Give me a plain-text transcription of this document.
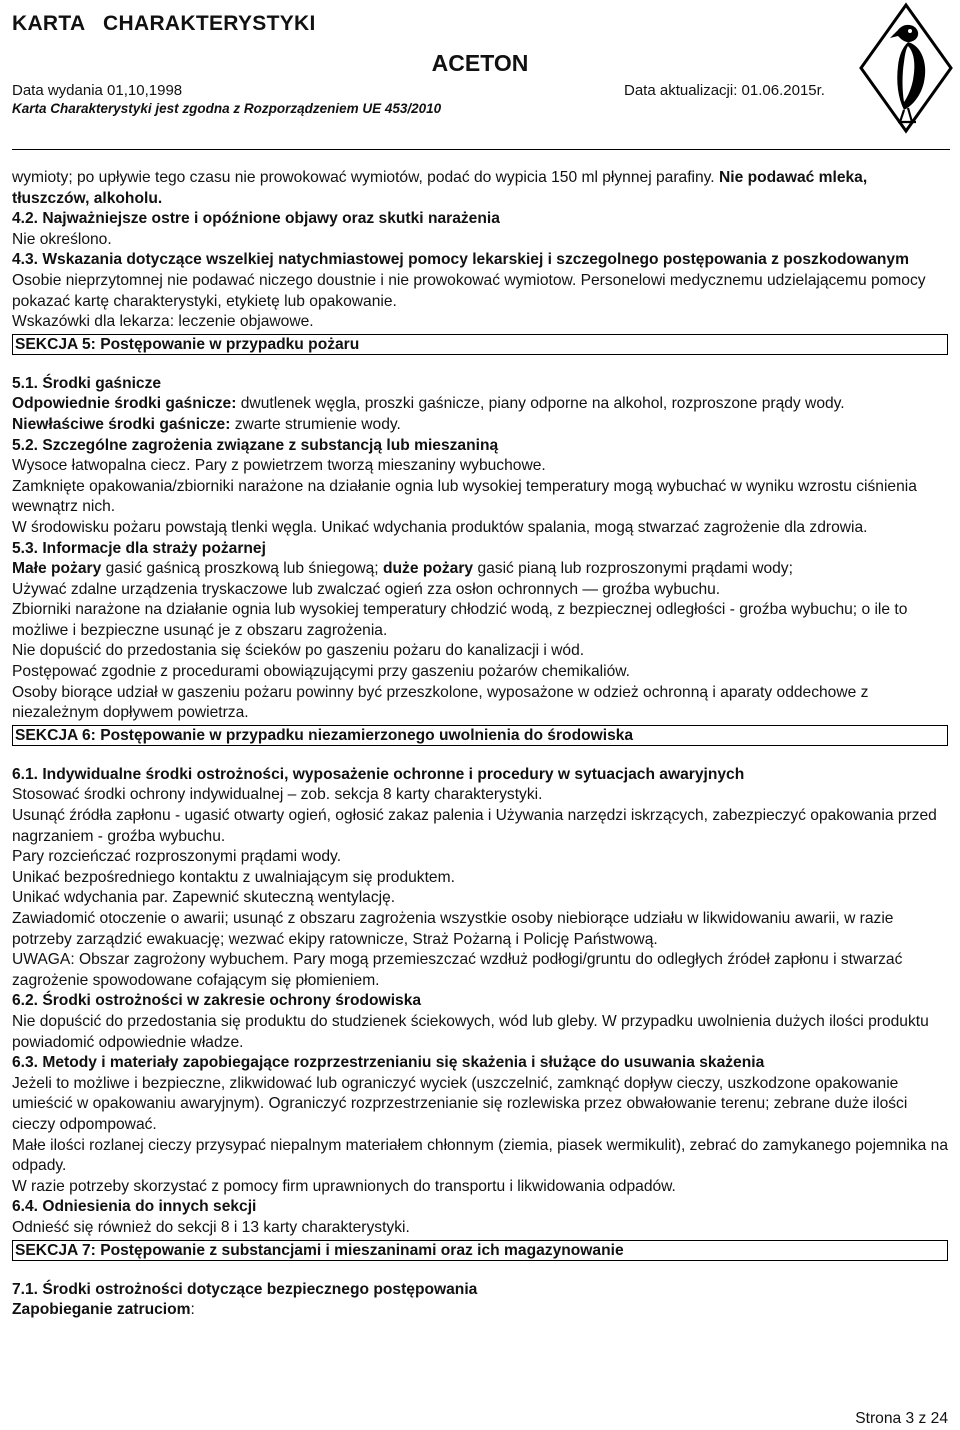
KARTA   CHARAKTERYSTYKI
ACETON
Data wydania 01,10,1998	Data aktualizacji: 01.06.2015r.
Karta Charakterystyki jest zgodna z Rozporządzeniem UE 453/2010

wymioty; po upływie tego czasu nie prowokować wymiotów, podać do wypicia 150 ml płynnej parafiny. Nie podawać mleka, tłuszczów, alkoholu.

4.2. Najważniejsze ostre i opóźnione objawy oraz skutki narażenia

Nie określono.

4.3. Wskazania dotyczące wszelkiej natychmiastowej pomocy lekarskiej i szczegolnego postępowania z poszkodowanym

Osobie nieprzytomnej nie podawać niczego doustnie i nie prowokować wymiotow. Personelowi medycznemu udzielającemu pomocy pokazać kartę charakterystyki, etykietę lub opakowanie.

Wskazówki dla lekarza: leczenie objawowe.

SEKCJA 5: Postępowanie w przypadku pożaru

5.1. Środki gaśnicze

Odpowiednie środki gaśnicze: dwutlenek węgla, proszki gaśnicze, piany odporne na alkohol, rozproszone prądy wody.

Niewłaściwe środki gaśnicze: zwarte strumienie wody.

5.2. Szczególne zagrożenia związane z substancją lub mieszaniną

Wysoce łatwopalna ciecz. Pary z powietrzem tworzą mieszaniny wybuchowe.

Zamknięte opakowania/zbiorniki narażone na działanie ognia lub wysokiej temperatury mogą wybuchać w wyniku wzrostu ciśnienia wewnątrz nich.

W środowisku pożaru powstają tlenki węgla. Unikać wdychania produktów spalania, mogą stwarzać zagrożenie dla zdrowia.

5.3. Informacje dla straży pożarnej

Małe pożary gasić gaśnicą proszkową lub śniegową; duże pożary gasić pianą lub rozproszonymi prądami wody;

Używać zdalne urządzenia tryskaczowe lub zwalczać ogień zza osłon ochronnych — groźba wybuchu.

Zbiorniki narażone na działanie ognia lub wysokiej temperatury chłodzić wodą, z bezpiecznej odległości - groźba wybuchu; o ile to możliwe i bezpieczne usunąć je z obszaru zagrożenia.

Nie dopuścić do przedostania się ścieków po gaszeniu pożaru do kanalizacji i wód.

Postępować zgodnie z procedurami obowiązującymi przy gaszeniu pożarów chemikaliów.

Osoby biorące udział w gaszeniu pożaru powinny być przeszkolone, wyposażone w odzież ochronną i aparaty oddechowe z niezależnym dopływem powietrza.

SEKCJA 6: Postępowanie w przypadku niezamierzonego uwolnienia do środowiska

6.1. Indywidualne środki ostrożności, wyposażenie ochronne i procedury w sytuacjach awaryjnych

Stosować środki ochrony indywidualnej – zob. sekcja 8 karty charakterystyki.

Usunąć źródła zapłonu - ugasić otwarty ogień, ogłosić zakaz palenia i Używania narzędzi iskrzących, zabezpieczyć opakowania przed nagrzaniem - groźba wybuchu.

Pary rozcieńczać rozproszonymi prądami wody.

Unikać bezpośredniego kontaktu z uwalniającym się produktem.

Unikać wdychania par. Zapewnić skuteczną wentylację.

Zawiadomić otoczenie o awarii; usunąć z obszaru zagrożenia wszystkie osoby niebiorące udziału w likwidowaniu awarii, w razie potrzeby zarządzić ewakuację; wezwać ekipy ratownicze, Straż Pożarną i Policję Państwową.

UWAGA: Obszar zagrożony wybuchem. Pary mogą przemieszczać wzdłuż podłogi/gruntu do odległych źródeł zapłonu i stwarzać zagrożenie spowodowane cofającym się płomieniem.

6.2. Środki ostrożności w zakresie ochrony środowiska

Nie dopuścić do przedostania się produktu do studzienek ściekowych, wód lub gleby. W przypadku uwolnienia dużych ilości produktu powiadomić odpowiednie władze.

6.3. Metody i materiały zapobiegające rozprzestrzenianiu się skażenia i służące do usuwania skażenia

Jeżeli to możliwe i bezpieczne, zlikwidować lub ograniczyć wyciek (uszczelnić, zamknąć dopływ cieczy, uszkodzone opakowanie umieścić w opakowaniu awaryjnym). Ograniczyć rozprzestrzenianie się rozlewiska przez obwałowanie terenu; zebrane duże ilości cieczy odpompować.

Małe ilości rozlanej cieczy przysypać niepalnym materiałem chłonnym (ziemia, piasek wermikulit), zebrać do zamykanego pojemnika na odpady.

W razie potrzeby skorzystać z pomocy firm uprawnionych do transportu i likwidowania odpadów.

6.4. Odniesienia do innych sekcji

Odnieść się również do sekcji 8 i 13 karty charakterystyki.

SEKCJA 7: Postępowanie z substancjami i mieszaninami oraz ich magazynowanie

7.1. Środki ostrożności dotyczące bezpiecznego postępowania

Zapobieganie zatruciom:

Strona 3 z 24
